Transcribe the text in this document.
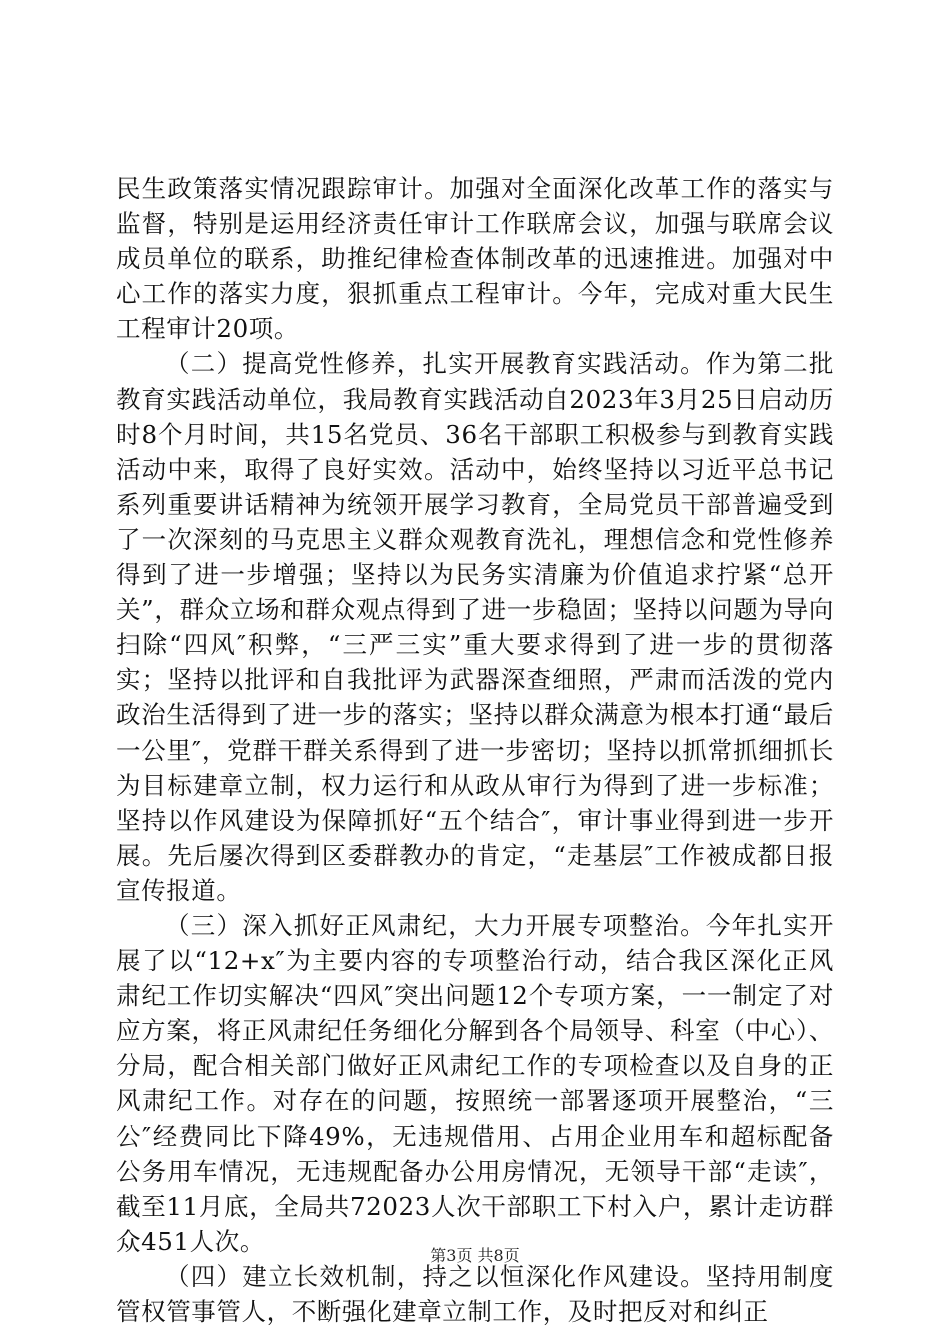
民生政策落实情况跟踪审计。加强对全面深化改革工作的落实与监督，特别是运用经济责任审计工作联席会议，加强与联席会议成员单位的联系，助推纪律检查体制改革的迅速推进。加强对中心工作的落实力度，狠抓重点工程审计。今年，完成对重大民生工程审计20项。

（二）提高党性修养，扎实开展教育实践活动。作为第二批教育实践活动单位，我局教育实践活动自2023年3月25日启动历时8个月时间，共15名党员、36名干部职工积极参与到教育实践活动中来，取得了良好实效。活动中，始终坚持以习近平总书记系列重要讲话精神为统领开展学习教育，全局党员干部普遍受到了一次深刻的马克思主义群众观教育洗礼，理想信念和党性修养得到了进一步增强；坚持以为民务实清廉为价值追求拧紧“总开关”，群众立场和群众观点得到了进一步稳固；坚持以问题为导向扫除“四风″积弊，“三严三实”重大要求得到了进一步的贯彻落实；坚持以批评和自我批评为武器深查细照，严肃而活泼的党内政治生活得到了进一步的落实；坚持以群众满意为根本打通“最后一公里″，党群干群关系得到了进一步密切；坚持以抓常抓细抓长为目标建章立制，权力运行和从政从审行为得到了进一步标准；坚持以作风建设为保障抓好“五个结合″，审计事业得到进一步开展。先后屡次得到区委群教办的肯定，“走基层″工作被成都日报宣传报道。

（三）深入抓好正风肃纪，大力开展专项整治。今年扎实开展了以“12+x″为主要内容的专项整治行动，结合我区深化正风肃纪工作切实解决“四风″突出问题12个专项方案，一一制定了对应方案，将正风肃纪任务细化分解到各个局领导、科室（中心）、分局，配合相关部门做好正风肃纪工作的专项检查以及自身的正风肃纪工作。对存在的问题，按照统一部署逐项开展整治，“三公″经费同比下降49%，无违规借用、占用企业用车和超标配备公务用车情况，无违规配备办公用房情况，无领导干部“走读″，截至11月底，全局共72023人次干部职工下村入户，累计走访群众451人次。

（四）建立长效机制，持之以恒深化作风建设。坚持用制度管权管事管人，不断强化建章立制工作，及时把反对和纠正

第3页 共8页
